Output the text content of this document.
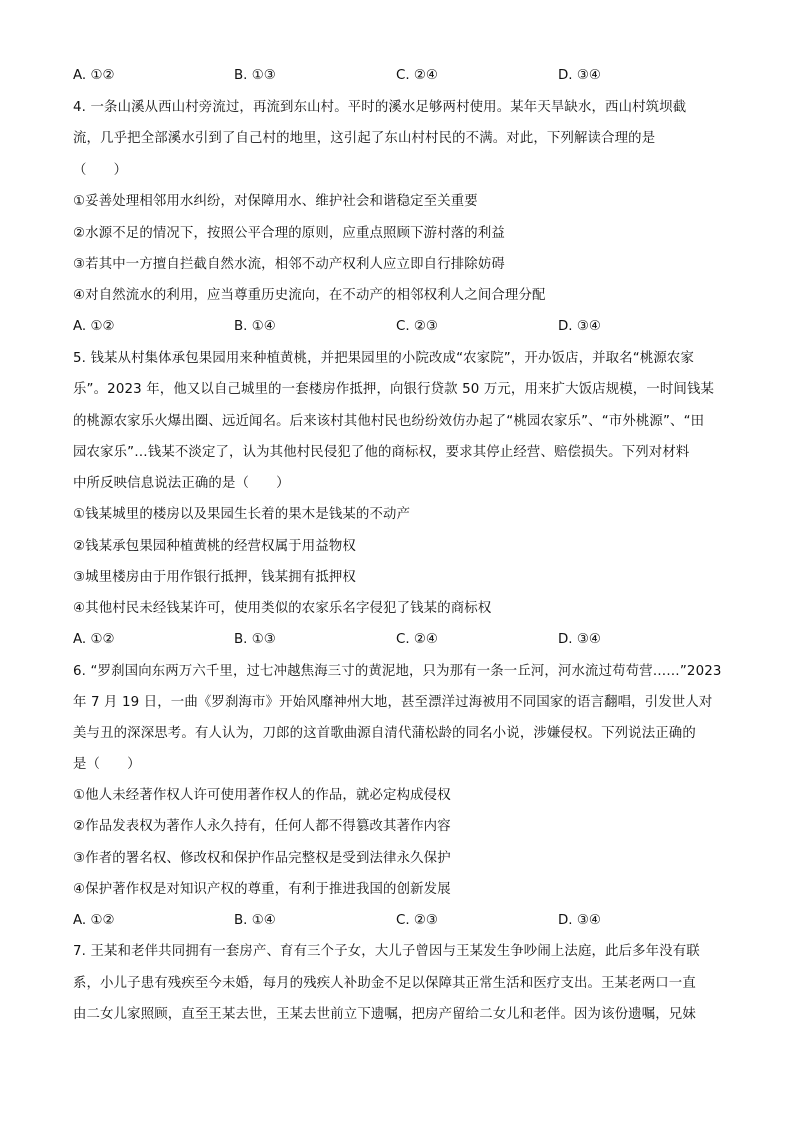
A. ①②	B. ①③	C. ②④	D. ③④
4. 一条山溪从西山村旁流过，再流到东山村。平时的溪水足够两村使用。某年天旱缺水，西山村筑坝截
流，几乎把全部溪水引到了自己村的地里，这引起了东山村村民的不满。对此，下列解读合理的是
（　　）
①妥善处理相邻用水纠纷，对保障用水、维护社会和谐稳定至关重要
②水源不足的情况下，按照公平合理的原则，应重点照顾下游村落的利益
③若其中一方擅自拦截自然水流，相邻不动产权利人应立即自行排除妨碍
④对自然流水的利用，应当尊重历史流向，在不动产的相邻权利人之间合理分配
A. ①②	B. ①④	C. ②③	D. ③④
5. 钱某从村集体承包果园用来种植黄桃，并把果园里的小院改成“农家院”，开办饭店，并取名“桃源农家
乐”。2023 年，他又以自己城里的一套楼房作抵押，向银行贷款 50 万元，用来扩大饭店规模，一时间钱某
的桃源农家乐火爆出圈、远近闻名。后来该村其他村民也纷纷效仿办起了“桃园农家乐”、“市外桃源”、“田
园农家乐”…钱某不淡定了，认为其他村民侵犯了他的商标权，要求其停止经营、赔偿损失。下列对材料
中所反映信息说法正确的是（　　）
①钱某城里的楼房以及果园生长着的果木是钱某的不动产
②钱某承包果园种植黄桃的经营权属于用益物权
③城里楼房由于用作银行抵押，钱某拥有抵押权
④其他村民未经钱某许可，使用类似的农家乐名字侵犯了钱某的商标权
A. ①②	B. ①③	C. ②④	D. ③④
6. “罗刹国向东两万六千里，过七冲越焦海三寸的黄泥地，只为那有一条一丘河，河水流过苟苟营……”2023
年 7 月 19 日，一曲《罗刹海市》开始风靡神州大地，甚至漂洋过海被用不同国家的语言翻唱，引发世人对
美与丑的深深思考。有人认为，刀郎的这首歌曲源自清代蒲松龄的同名小说，涉嫌侵权。下列说法正确的
是（　　）
①他人未经著作权人许可使用著作权人的作品，就必定构成侵权
②作品发表权为著作人永久持有，任何人都不得篡改其著作内容
③作者的署名权、修改权和保护作品完整权是受到法律永久保护
④保护著作权是对知识产权的尊重，有利于推进我国的创新发展
A. ①②	B. ①④	C. ②③	D. ③④
7. 王某和老伴共同拥有一套房产、育有三个子女，大儿子曾因与王某发生争吵闹上法庭，此后多年没有联
系，小儿子患有残疾至今未婚，每月的残疾人补助金不足以保障其正常生活和医疗支出。王某老两口一直
由二女儿家照顾，直至王某去世，王某去世前立下遗嘱，把房产留给二女儿和老伴。因为该份遗嘱，兄妹
